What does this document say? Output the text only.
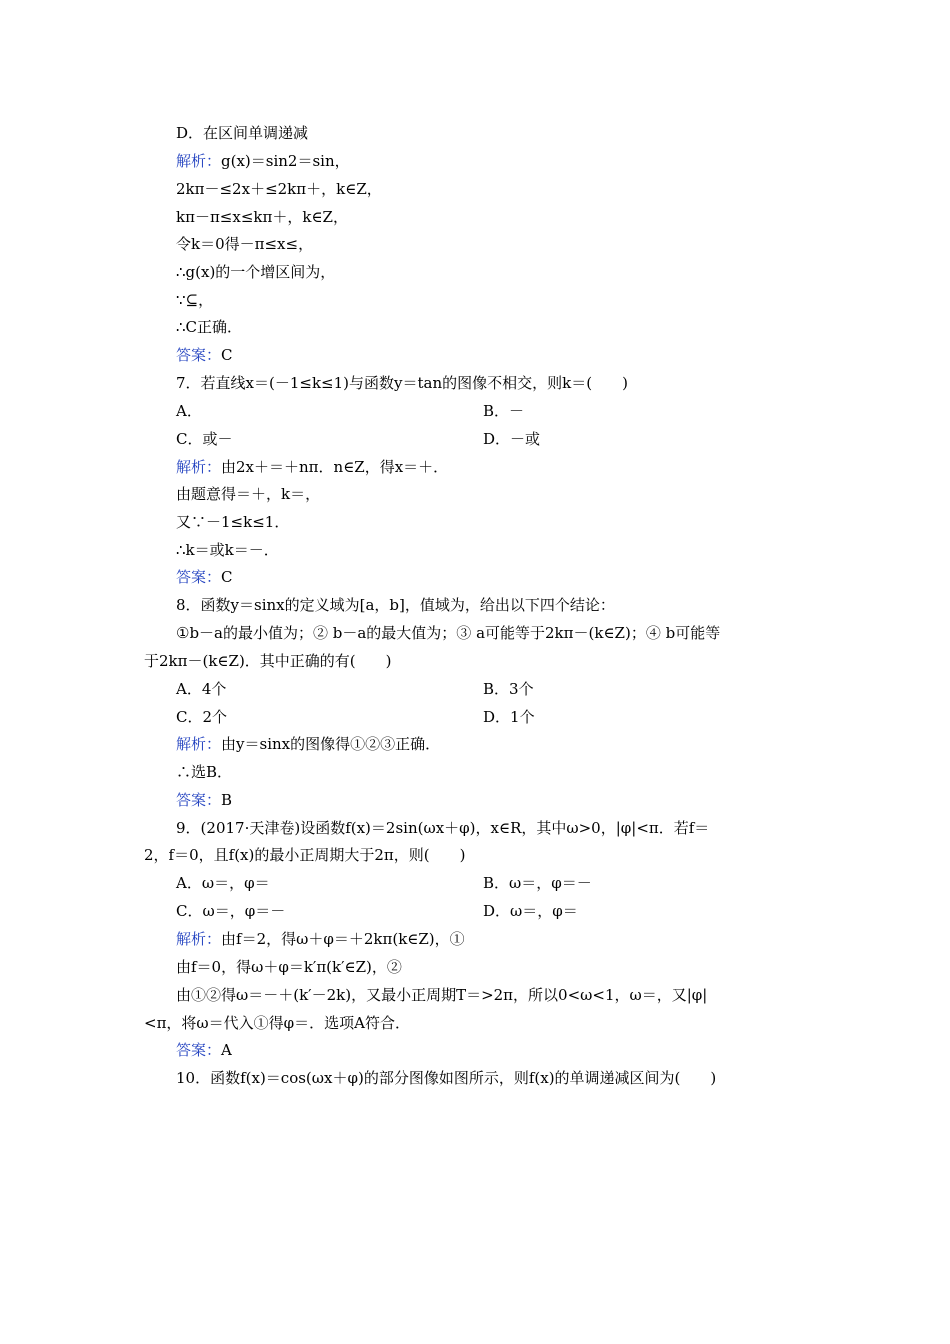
D．在区间单调递减
解析：g(x)＝sin2＝sin，
2kπ－≤2x＋≤2kπ＋，k∈Z，
kπ－π≤x≤kπ＋，k∈Z，
令k＝0得－π≤x≤，
∴g(x)的一个增区间为，
∵⊆，
∴C正确．
答案：C
7．若直线x＝(－1≤k≤1)与函数y＝tan的图像不相交，则k＝(　　)
A．	B．－
C．或－	D．－或
解析：由2x＋＝＋nπ．n∈Z，得x＝＋．
由题意得＝＋，k＝，
又∵－1≤k≤1．
∴k＝或k＝－．
答案：C
8．函数y＝sinx的定义域为[a，b]，值域为，给出以下四个结论：
①b－a的最小值为；② b－a的最大值为；③ a可能等于2kπ－(k∈Z)；④ b可能等
于2kπ－(k∈Z)．其中正确的有(　　)
A．4个	B．3个
C．2个	D．1个
解析：由y＝sinx的图像得①②③正确．
∴选B．
答案：B
9．(2017·天津卷)设函数f(x)＝2sin(ωx＋φ)，x∈R，其中ω>0，|φ|<π．若f＝
2，f＝0，且f(x)的最小正周期大于2π，则(　　)
A．ω＝，φ＝	B．ω＝，φ＝－
C．ω＝，φ＝－	D．ω＝，φ＝
解析：由f＝2，得ω＋φ＝＋2kπ(k∈Z)，①
由f＝0，得ω＋φ＝k′π(k′∈Z)，②
由①②得ω＝－＋(k′－2k)，又最小正周期T＝>2π，所以0<ω<1，ω＝，又|φ|
<π，将ω＝代入①得φ＝．选项A符合．
答案：A
10．函数f(x)＝cos(ωx＋φ)的部分图像如图所示，则f(x)的单调递减区间为(　　)
